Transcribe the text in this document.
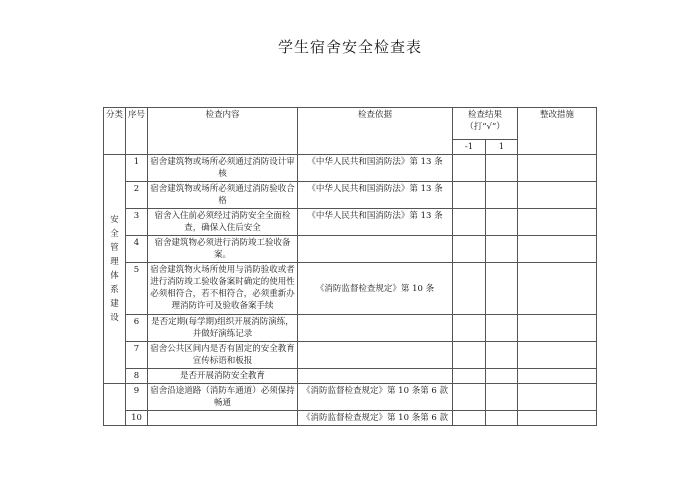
学生宿舍安全检查表
分类	序号	检查内容	检查依据	检查结果（打“√”）		整改措施
				-1	1	
安全管理体系建设	1	宿舍建筑物或场所必须通过消防设计审核	《中华人民共和国消防法》第 13 条			
	2	宿舍建筑物或场所必须通过消防验收合格	《中华人民共和国消防法》第 13 条			
	3	宿舍入住前必须经过消防安全全面检查，确保入住后安全	《中华人民共和国消防法》第 13 条			
	4	宿舍建筑物必须进行消防竣工验收备案。				
	5	宿舍建筑物火场所使用与消防验收或者进行消防竣工验收备案时确定的使用性必须相符合，若不相符合，必须重新办理消防许可及验收备案手续	《消防监督检查规定》第 10 条			
	6	是否定期(每学期)组织开展消防演练，并做好演练记录				
	7	宿舍公共区间内是否有固定的安全教育宣传标语和板报				
	8	是否开展消防安全教育				
	9	宿舍沿途道路（消防车通道）必须保持畅通	《消防监督检查规定》第 10 条第 6 款			
	10		《消防监督检查规定》第 10 条第 6 款			
